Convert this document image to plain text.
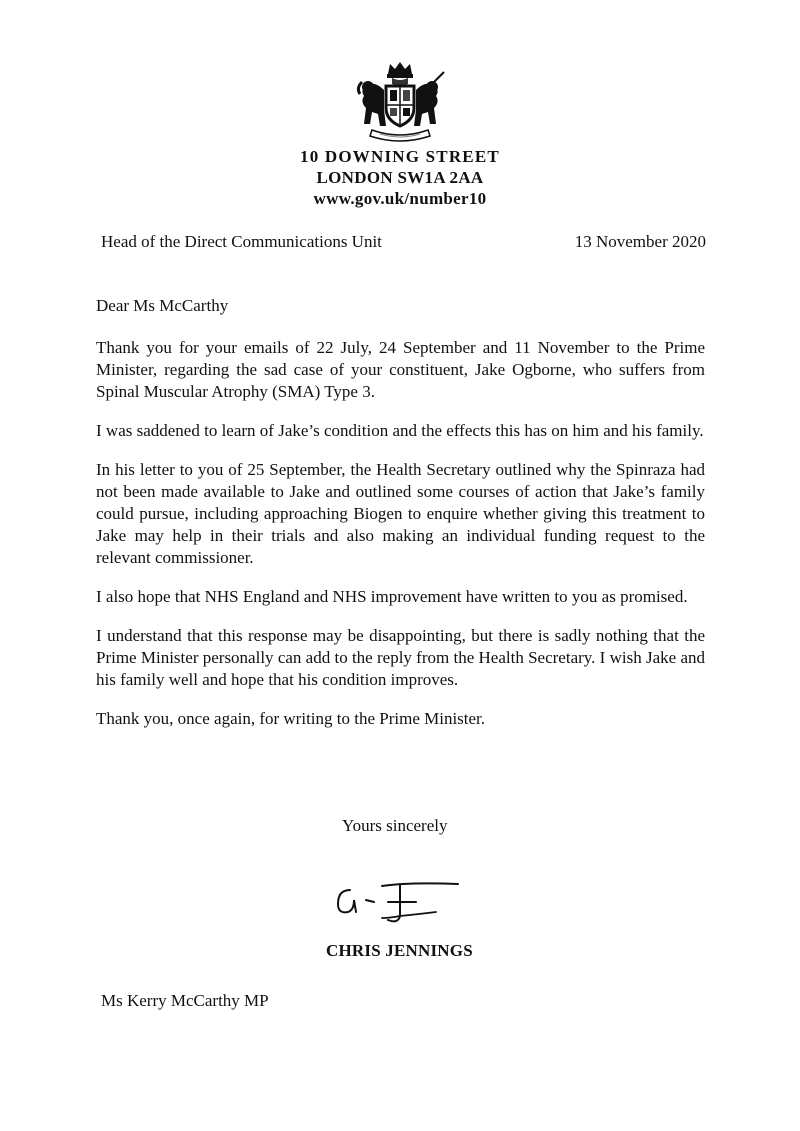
10 DOWNING STREET
LONDON SW1A 2AA
www.gov.uk/number10
Head of the Direct Communications Unit	13 November 2020
Dear Ms McCarthy

Thank you for your emails of 22 July, 24 September and 11 November to the Prime Minister, regarding the sad case of your constituent, Jake Ogborne, who suffers from Spinal Muscular Atrophy (SMA) Type 3.

I was saddened to learn of Jake’s condition and the effects this has on him and his family.

In his letter to you of 25 September, the Health Secretary outlined why the Spinraza had not been made available to Jake and outlined some courses of action that Jake’s family could pursue, including approaching Biogen to enquire whether giving this treatment to Jake may help in their trials and also making an individual funding request to the relevant commissioner.

I also hope that NHS England and NHS improvement have written to you as promised.

I understand that this response may be disappointing, but there is sadly nothing that the Prime Minister personally can add to the reply from the Health Secretary. I wish Jake and his family well and hope that his condition improves.

Thank you, once again, for writing to the Prime Minister.

Yours sincerely
CHRIS JENNINGS
Ms Kerry McCarthy MP
